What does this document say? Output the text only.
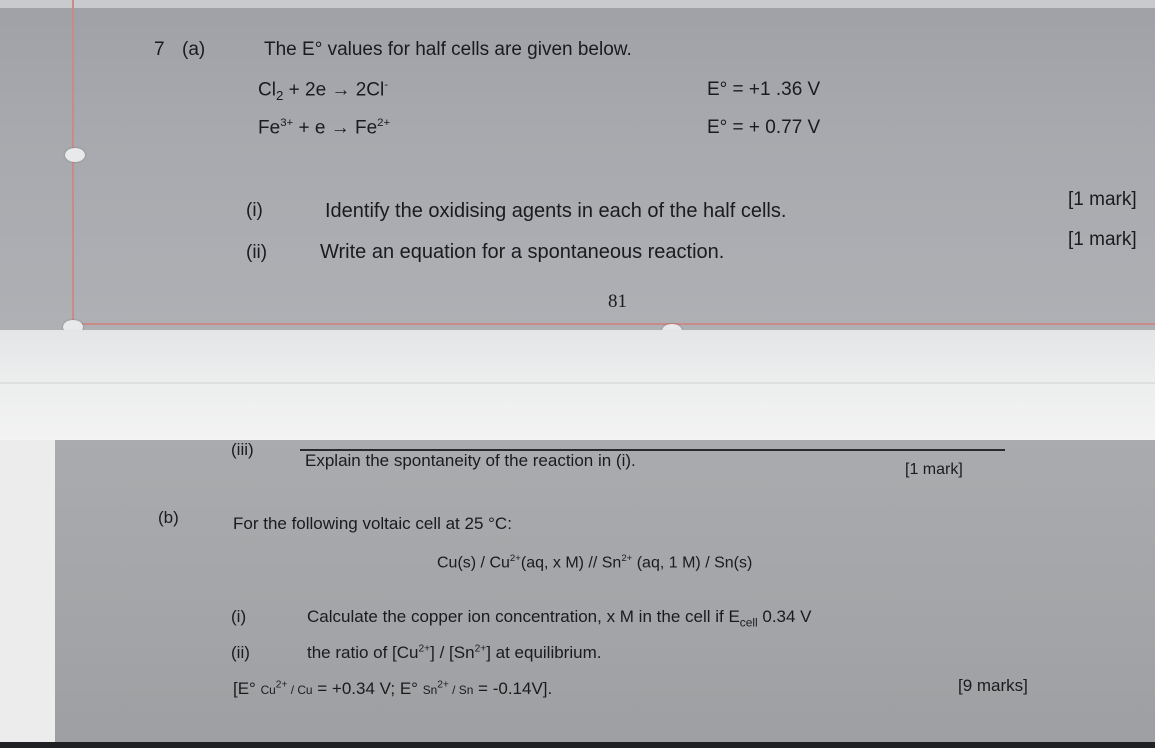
7 (a)	The E° values for half cells are given below.
$Cl_2 + 2e \to 2Cl^-$	E° = +1 .36 V
$Fe^{3+} + e \to Fe^{2+}$	E° = + 0.77 V
(i)	Identify the oxidising agents in each of the half cells.
[1 mark]
(ii)	Write an equation for a spontaneous reaction.
[1 mark]
81
(iii)
Explain the spontaneity of the reaction in (i).	[1 mark]
(b)	For the following voltaic cell at 25 °C:
$Cu(s) / Cu^{2+}(aq$, x $M) // Sn^{2+}$ (aq, 1 M) / Sn(s)
(i)	Calculate the copper ion concentration, x M in the cell if $E_{cell}$ 0.34 V
(ii)	the ratio of $[Cu^{2+}] / [Sn^{2+}]$ at equilibrium.
[E° $Cu^{2+} / Cu = +0.34$ V; E° $Sn^{2+} / Sn = -0.14V$].	[9 marks]
